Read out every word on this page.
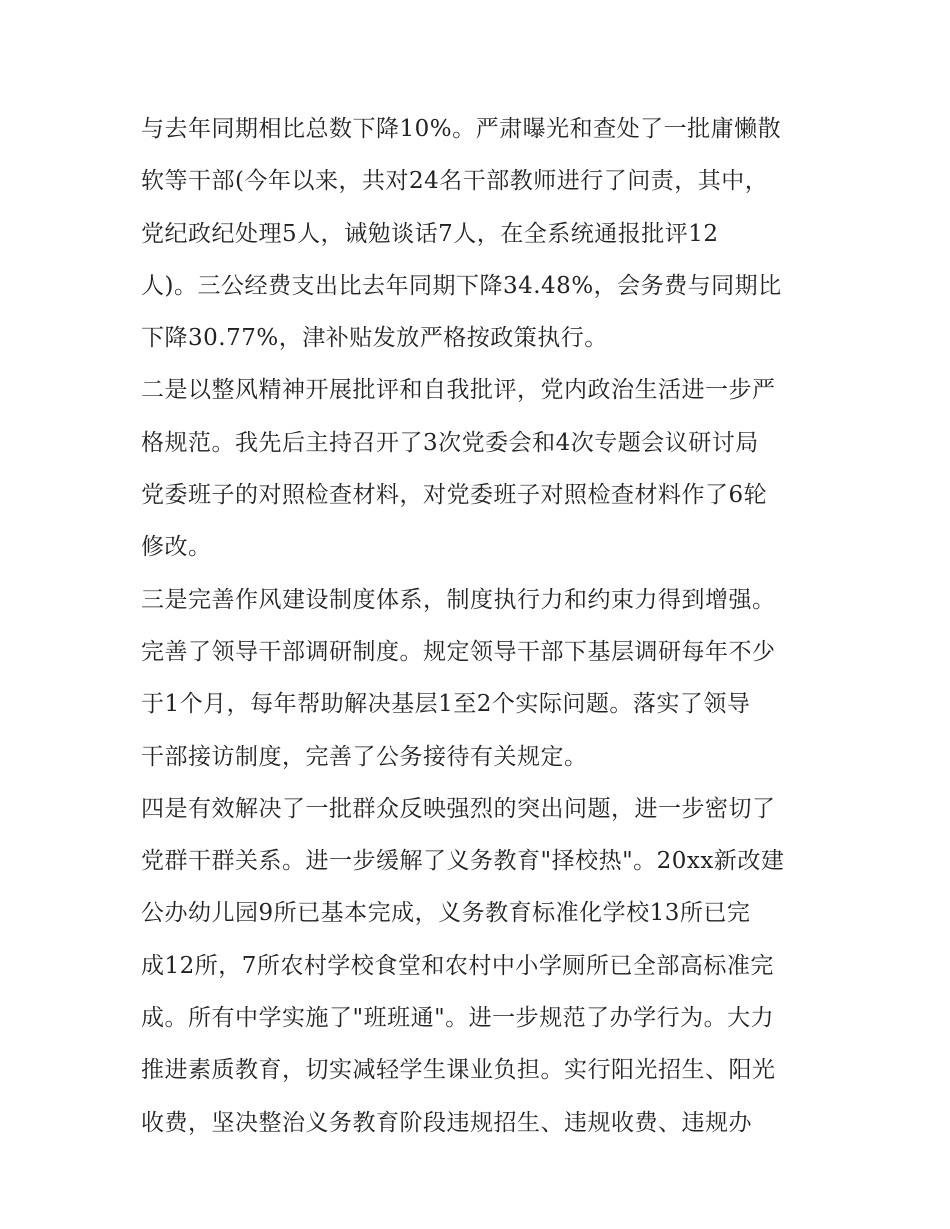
与去年同期相比总数下降10%。严肃曝光和查处了一批庸懒散
软等干部(今年以来，共对24名干部教师进行了问责，其中，
党纪政纪处理5人，诫勉谈话7人，在全系统通报批评12
人)。三公经费支出比去年同期下降34.48%，会务费与同期比
下降30.77%，津补贴发放严格按政策执行。
二是以整风精神开展批评和自我批评，党内政治生活进一步严
格规范。我先后主持召开了3次党委会和4次专题会议研讨局
党委班子的对照检查材料，对党委班子对照检查材料作了6轮
修改。
三是完善作风建设制度体系，制度执行力和约束力得到增强。
完善了领导干部调研制度。规定领导干部下基层调研每年不少
于1个月，每年帮助解决基层1至2个实际问题。落实了领导
干部接访制度，完善了公务接待有关规定。
四是有效解决了一批群众反映强烈的突出问题，进一步密切了
党群干群关系。进一步缓解了义务教育"择校热"。20xx新改建
公办幼儿园9所已基本完成，义务教育标准化学校13所已完
成12所，7所农村学校食堂和农村中小学厕所已全部高标准完
成。所有中学实施了"班班通"。进一步规范了办学行为。大力
推进素质教育，切实减轻学生课业负担。实行阳光招生、阳光
收费，坚决整治义务教育阶段违规招生、违规收费、违规办
